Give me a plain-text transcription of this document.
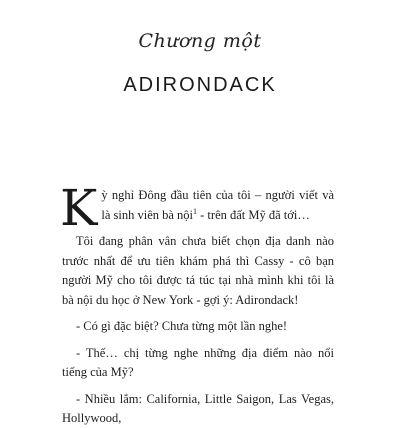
Chương một
ADIRONDACK

Kỳ nghỉ Đông đầu tiên của tôi – người viết và là sinh viên bà nội$^1$ - trên đất Mỹ đã tới…

Tôi đang phân vân chưa biết chọn địa danh nào trước nhất để ưu tiên khám phá thì Cassy - cô bạn người Mỹ cho tôi được tá túc tại nhà mình khi tôi là bà nội du học ở New York - gợi ý: Adirondack!

- Có gì đặc biệt? Chưa từng một lần nghe!

- Thế… chị từng nghe những địa điểm nào nổi tiếng của Mỹ?

- Nhiều lắm: California, Little Saigon, Las Vegas, Hollywood,
